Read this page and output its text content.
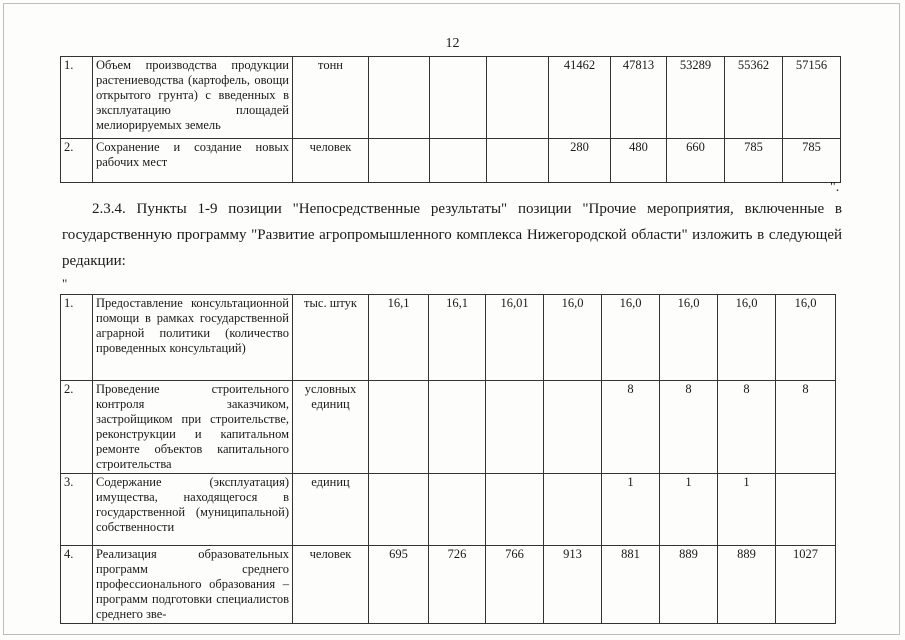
12
1.	Объем производства продукции растениеводства (картофель, овощи открытого грунта) с введенных в эксплуатацию площадей мелиорируемых земель	тонн				41462	47813	53289	55362	57156
2.	Сохранение и создание новых рабочих мест	человек				280	480	660	785	785
".
2.3.4. Пункты 1-9 позиции "Непосредственные результаты" позиции "Прочие мероприятия, включенные в государственную программу "Развитие агропромышленного комплекса Нижегородской области" изложить в следующей редакции:
"
1.	Предоставление консультационной помощи в рамках государственной аграрной политики (количество проведенных консультаций)	тыс. штук	16,1	16,1	16,01	16,0	16,0	16,0	16,0	16,0
2.	Проведение строительного контроля заказчиком, застройщиком при строительстве, реконструкции и капитальном ремонте объектов капитального строительства	условных единиц					8	8	8	8
3.	Содержание (эксплуатация) имущества, находящегося в государственной (муниципальной) собственности	единиц					1	1	1	
4.	Реализация образовательных программ среднего профессионального образования – программ подготовки специалистов среднего зве-	человек	695	726	766	913	881	889	889	1027
